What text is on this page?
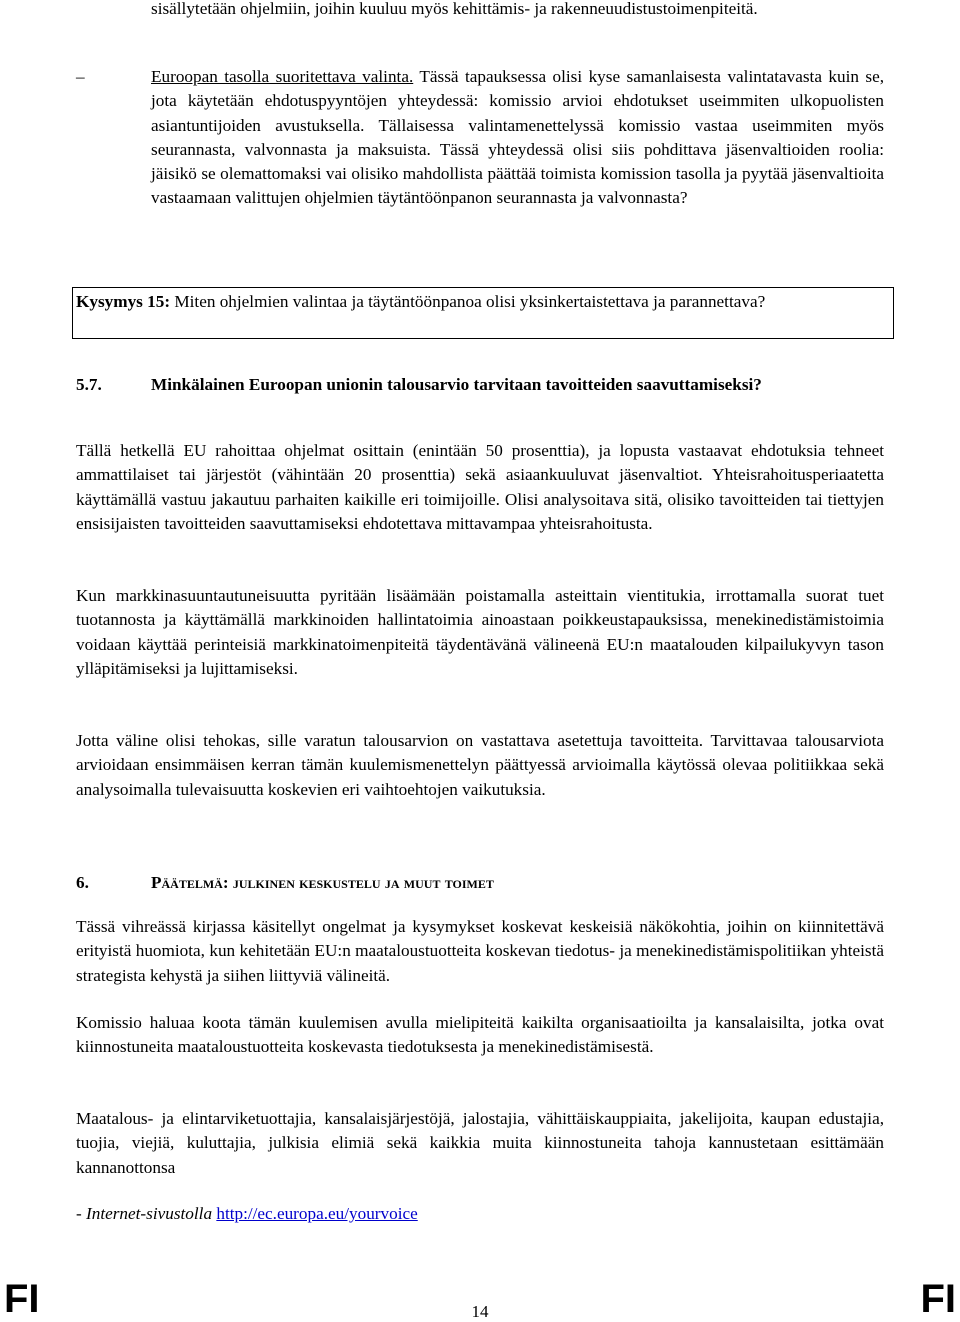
sisällytetään ohjelmiin, joihin kuuluu myös kehittämis- ja rakenneuudistustoimenpiteitä.

–	Euroopan tasolla suoritettava valinta. Tässä tapauksessa olisi kyse samanlaisesta valintatavasta kuin se, jota käytetään ehdotuspyyntöjen yhteydessä: komissio arvioi ehdotukset useimmiten ulkopuolisten asiantuntijoiden avustuksella. Tällaisessa valintamenettelyssä komissio vastaa useimmiten myös seurannasta, valvonnasta ja maksuista. Tässä yhteydessä olisi siis pohdittava jäsenvaltioiden roolia: jäisikö se olemattomaksi vai olisiko mahdollista päättää toimista komission tasolla ja pyytää jäsenvaltioita vastaamaan valittujen ohjelmien täytäntöönpanon seurannasta ja valvonnasta?

Kysymys 15: Miten ohjelmien valintaa ja täytäntöönpanoa olisi yksinkertaistettava ja parannettava?

5.7.	Minkälainen Euroopan unionin talousarvio tarvitaan tavoitteiden saavuttamiseksi?

Tällä hetkellä EU rahoittaa ohjelmat osittain (enintään 50 prosenttia), ja lopusta vastaavat ehdotuksia tehneet ammattilaiset tai järjestöt (vähintään 20 prosenttia) sekä asiaankuuluvat jäsenvaltiot. Yhteisrahoitusperiaatetta käyttämällä vastuu jakautuu parhaiten kaikille eri toimijoille. Olisi analysoitava sitä, olisiko tavoitteiden tai tiettyjen ensisijaisten tavoitteiden saavuttamiseksi ehdotettava mittavampaa yhteisrahoitusta.

Kun markkinasuuntautuneisuutta pyritään lisäämään poistamalla asteittain vientitukia, irrottamalla suorat tuet tuotannosta ja käyttämällä markkinoiden hallintatoimia ainoastaan poikkeustapauksissa, menekinedistämistoimia voidaan käyttää perinteisiä markkinatoimenpiteitä täydentävänä välineenä EU:n maatalouden kilpailukyvyn tason ylläpitämiseksi ja lujittamiseksi.

Jotta väline olisi tehokas, sille varatun talousarvion on vastattava asetettuja tavoitteita. Tarvittavaa talousarviota arvioidaan ensimmäisen kerran tämän kuulemismenettelyn päättyessä arvioimalla käytössä olevaa politiikkaa sekä analysoimalla tulevaisuutta koskevien eri vaihtoehtojen vaikutuksia.

6.	Päätelmä: julkinen keskustelu ja muut toimet

Tässä vihreässä kirjassa käsitellyt ongelmat ja kysymykset koskevat keskeisiä näkökohtia, joihin on kiinnitettävä erityistä huomiota, kun kehitetään EU:n maataloustuotteita koskevan tiedotus- ja menekinedistämispolitiikan yhteistä strategista kehystä ja siihen liittyviä välineitä.

Komissio haluaa koota tämän kuulemisen avulla mielipiteitä kaikilta organisaatioilta ja kansalaisilta, jotka ovat kiinnostuneita maataloustuotteita koskevasta tiedotuksesta ja menekinedistämisestä.

Maatalous- ja elintarviketuottajia, kansalaisjärjestöjä, jalostajia, vähittäiskauppiaita, jakelijoita, kaupan edustajia, tuojia, viejiä, kuluttajia, julkisia elimiä sekä kaikkia muita kiinnostuneita tahoja kannustetaan esittämään kannanottonsa

- Internet-sivustolla http://ec.europa.eu/yourvoice

FI	14	FI
